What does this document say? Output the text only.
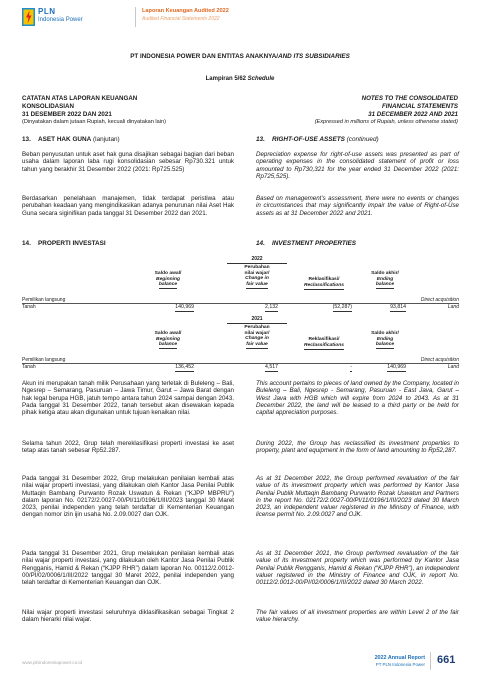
PLN
Indonesia Power
Laporan Keuangan Audited 2022
Audited Financial Statements 2022
PT INDONESIA POWER DAN ENTITAS ANAKNYA/AND ITS SUBSIDIARIES
Lampiran 5/62 Schedule
CATATAN ATAS LAPORAN KEUANGAN
KONSOLIDASIAN
31 DESEMBER 2022 DAN 2021
(Dinyatakan dalam jutaan Rupiah, kecuali dinyatakan lain)
NOTES TO THE CONSOLIDATED
FINANCIAL STATEMENTS
31 DECEMBER 2022 AND 2021
(Expressed in millions of Rupiah, unless otherwise stated)
13. ASET HAK GUNA (lanjutan)	13. RIGHT-OF-USE ASSETS (continued)
Beban penyusutan untuk aset hak guna disajikan sebagai bagian dari beban usaha dalam laporan laba rugi konsolidasian sebesar Rp730.321 untuk tahun yang berakhir 31 Desember 2022 (2021: Rp725.525)
Depreciation expense for right-of-use assets was presented as part of operating expenses in the consolidated statement of profit or loss amounted to Rp730,321 for the year ended 31 December 2022 (2021: Rp725,525).
Berdasarkan penelahaan manajemen, tidak terdapat peristiwa atau perubahan keadaan yang mengindikasikan adanya penurunan nilai Aset Hak Guna secara siginifikan pada tanggal 31 Desember 2022 dan 2021.
Based on management’s assessment, there were no events or changes in circumstances that may significantly impair the value of Right-of-Use assets as at 31 December 2022 and 2021.
14. PROPERTI INVESTASI	14. INVESTMENT PROPERTIES
2022
Saldo awal/
Beginning
balance
Perubahan
nilai wajar/
Change in
fair value
Reklasifikasi/
Reclassifications
Saldo akhir/
Ending
balance
Pemilikan langsung	Direct acquisition
Tanah	Land
140,969	2,132	(52,287)	93,814
2021
Saldo awal/
Beginning
balance
Perubahan
nilai wajar/
Change in
fair value
Reklasifikasi/
Reclassifications
Saldo akhir/
Ending
balance
Pemilikan langsung	Direct acquisition
Tanah	Land
136,452	4,517	-	140,969
Akun ini merupakan tanah milik Perusahaan yang terletak di Buleleng – Bali, Ngesrep – Semarang, Pasuruan – Jawa Timur, Garut – Jawa Barat dengan hak legal berupa HGB, jatuh tempo antara tahun 2024 sampai dengan 2043. Pada tanggal 31 Desember 2022, tanah tersebut akan disewakan kepada pihak ketiga atau akan digunakan untuk tujuan kenaikan nilai.
This account pertains to pieces of land owned by the Company, located in Buleleng – Bali, Ngesrep - Semarang, Pasuruan - East Java, Garut – West Java with HGB which will expire from 2024 to 2043. As at 31 December 2022, the land will be leased to a third party or be held for capital appreciation purposes.
Selama tahun 2022, Grup telah mereklasifikasi properti investasi ke aset tetap atas tanah sebesar Rp52.287.
During 2022, the Group has reclassified its investment properties to property, plant and equipment in the form of land amounting to Rp52,287.
Pada tanggal 31 Desember 2022, Grup melakukan penilaian kembali atas nilai wajar properti investasi, yang dilakukan oleh Kantor Jasa Penilai Publik Muttaqin Bambang Purwanto Rozak Uswatun & Rekan (“KJPP MBPRU”) dalam laporan No. 02172/2.0027-00/PI/11/0196/1/III/2023 tanggal 30 Maret 2023, penilai independen yang telah terdaftar di Kementerian Keuangan dengan nomor izin ijin usaha No. 2.09.0027 dan OJK.
As at 31 December 2022, the Group performed revaluation of the fair value of its investment property which was performed by Kantor Jasa Penilai Publik Muttaqin Bambang Purwanto Rozak Uswatun and Partners in the report No. 02172/2.0027-00/PI/11/0196/1/III/2023 dated 30 March 2023, an independent valuer registered in the Ministry of Finance, with license permit No. 2.09.0027 and OJK.
Pada tanggal 31 Desember 2021, Grup melakukan penilaian kembali atas nilai wajar properti investasi, yang dilakukan oleh Kantor Jasa Penilai Publik Rengganis, Hamid & Rekan (“KJPP RHR”) dalam laporan No. 00112/2.0012-00/PI/02/0006/1/III/2022 tanggal 30 Maret 2022, penilai independen yang telah terdaftar di Kementerian Keuangan dan OJK.
As at 31 December 2021, the Group performed revaluation of the fair value of its investment property which was performed by Kantor Jasa Penilai Publik Rengganis, Hamid & Rekan (“KJPP RHR”), an independent valuer registered in the Ministry of Finance and OJK, in report No. 00112/2.0012-00/PI/02/0006/1/III/2022 dated 30 March 2022.
Nilai wajar properti investasi seluruhnya diklasifikasikan sebagai Tingkat 2 dalam hierarki nilai wajar.
The fair values of all investment properties are within Level 2 of the fair value hierarchy.
www.plnindonesiapower.co.id
2022 Annual Report
PT PLN Indonesia Power 661
